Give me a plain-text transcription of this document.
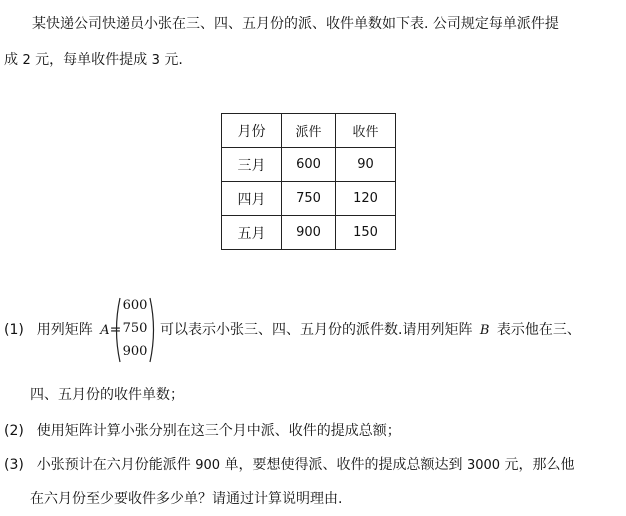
某快递公司快递员小张在三、四、五月份的派、收件单数如下表. 公司规定每单派件提
成 2 元，每单收件提成 3 元.
月份	派件	收件
三月	600	90
四月	750	120
五月	900	150
(1) 用列矩阵 A=
600
750
900
可以表示小张三、四、五月份的派件数.请用列矩阵 B 表示他在三、
四、五月份的收件单数；
(2) 使用矩阵计算小张分别在这三个月中派、收件的提成总额；
(3) 小张预计在六月份能派件 900 单，要想使得派、收件的提成总额达到 3000 元，那么他
在六月份至少要收件多少单？请通过计算说明理由.
